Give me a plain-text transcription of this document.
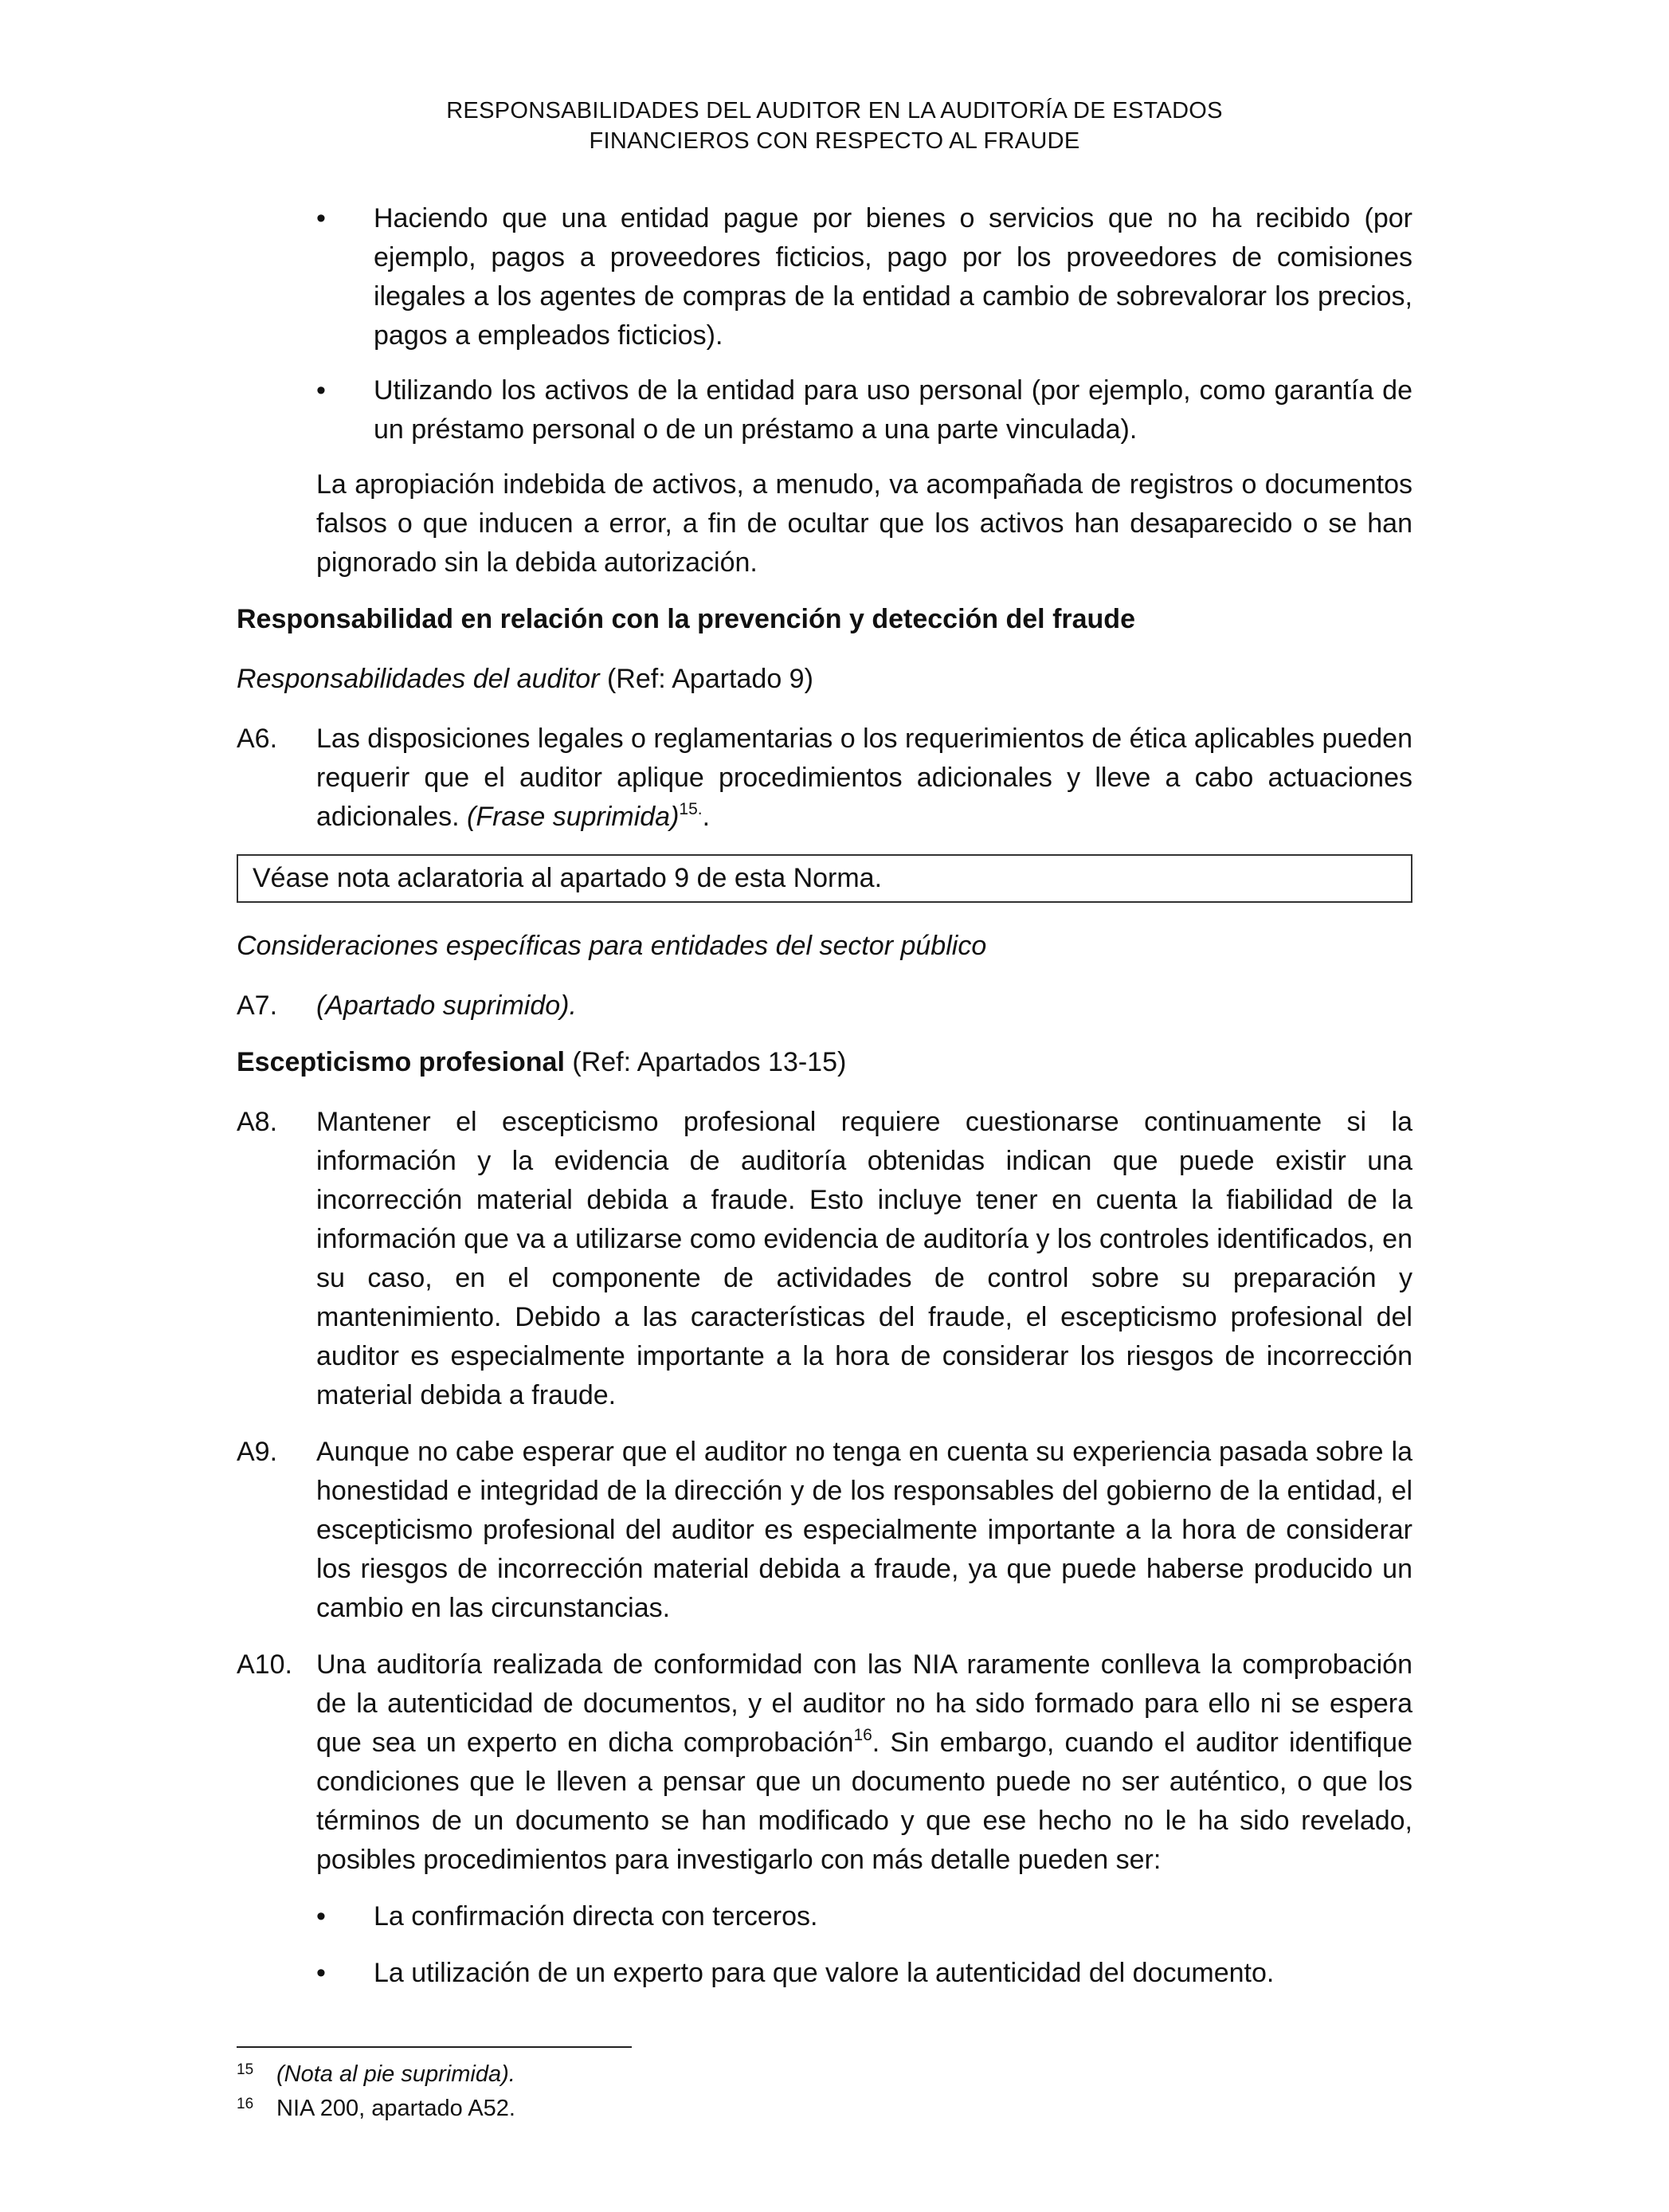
RESPONSABILIDADES DEL AUDITOR EN LA AUDITORÍA DE ESTADOS
FINANCIEROS CON RESPECTO AL FRAUDE
• Haciendo que una entidad pague por bienes o servicios que no ha recibido (por ejemplo, pagos a proveedores ficticios, pago por los proveedores de comisiones ilegales a los agentes de compras de la entidad a cambio de sobrevalorar los precios, pagos a empleados ficticios).
• Utilizando los activos de la entidad para uso personal (por ejemplo, como garantía de un préstamo personal o de un préstamo a una parte vinculada).

La apropiación indebida de activos, a menudo, va acompañada de registros o documentos falsos o que inducen a error, a fin de ocultar que los activos han desaparecido o se han pignorado sin la debida autorización.

Responsabilidad en relación con la prevención y detección del fraude
Responsabilidades del auditor (Ref: Apartado 9)
A6. Las disposiciones legales o reglamentarias o los requerimientos de ética aplicables pueden requerir que el auditor aplique procedimientos adicionales y lleve a cabo actuaciones adicionales. (Frase suprimida)$^{15.}$.
Véase nota aclaratoria al apartado 9 de esta Norma.
Consideraciones específicas para entidades del sector público
A7. (Apartado suprimido).
Escepticismo profesional (Ref: Apartados 13-15)
A8. Mantener el escepticismo profesional requiere cuestionarse continuamente si la información y la evidencia de auditoría obtenidas indican que puede existir una incorrección material debida a fraude. Esto incluye tener en cuenta la fiabilidad de la información que va a utilizarse como evidencia de auditoría y los controles identificados, en su caso, en el componente de actividades de control sobre su preparación y mantenimiento. Debido a las características del fraude, el escepticismo profesional del auditor es especialmente importante a la hora de considerar los riesgos de incorrección material debida a fraude.
A9. Aunque no cabe esperar que el auditor no tenga en cuenta su experiencia pasada sobre la honestidad e integridad de la dirección y de los responsables del gobierno de la entidad, el escepticismo profesional del auditor es especialmente importante a la hora de considerar los riesgos de incorrección material debida a fraude, ya que puede haberse producido un cambio en las circunstancias.
A10. Una auditoría realizada de conformidad con las NIA raramente conlleva la comprobación de la autenticidad de documentos, y el auditor no ha sido formado para ello ni se espera que sea un experto en dicha comprobación$^{16}$. Sin embargo, cuando el auditor identifique condiciones que le lleven a pensar que un documento puede no ser auténtico, o que los términos de un documento se han modificado y que ese hecho no le ha sido revelado, posibles procedimientos para investigarlo con más detalle pueden ser:
• La confirmación directa con terceros.
• La utilización de un experto para que valore la autenticidad del documento.
15 (Nota al pie suprimida).
16 NIA 200, apartado A52.
